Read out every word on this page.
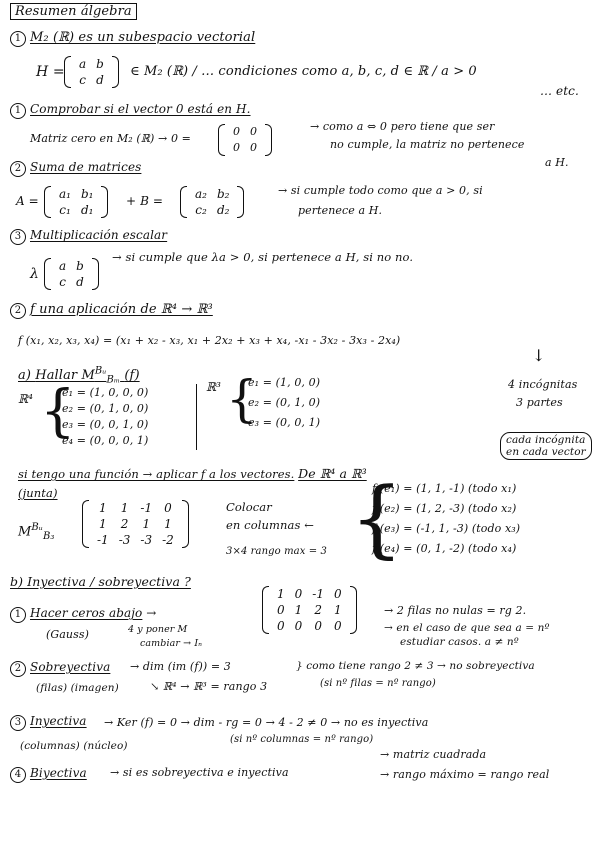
Resumen álgebra
1 M₂ (ℝ) es un subespacio vectorial
H = a	b
c	d
∈ M₂ (ℝ) / … condiciones como a, b, c, d ∈ ℝ / a > 0
… etc.
1 Comprobar si el vector 0 está en H.
Matriz cero en M₂ (ℝ) → 0 =
0	0
0	0
→ como a ⇔ 0 pero tiene que ser
no cumple, la matriz no pertenece
a H.
2 Suma de matrices
A = a₁	b₁
c₁	d₁
+ B =	a₂	b₂
c₂	d₂
→ si cumple todo como que a > 0, si
pertenece a H.
3 Multiplicación escalar
λ a	b
c	d
→ si cumple que λa > 0, si pertenece a H, si no no.
2 f una aplicación de ℝ⁴ → ℝ³
f (x₁, x₂, x₃, x₄) = (x₁ + x₂ - x₃, x₁ + 2x₂ + x₃ + x₄, -x₁ - 3x₂ - 3x₃ - 2x₄)
a) Hallar $M^{Bᵤ}_{B_m}$ (f)
ℝ⁴ {
e₁ = (1, 0, 0, 0)
e₂ = (0, 1, 0, 0)
e₃ = (0, 0, 1, 0)
e₄ = (0, 0, 0, 1)
ℝ³ {
e₁ = (1, 0, 0)
e₂ = (0, 1, 0)
e₃ = (0, 0, 1)
↓
4 incógnitas
3 partes
cada incógnita
en cada vector
si tengo una función → aplicar f a los vectores. De ℝ⁴ a ℝ³
(junta)
$M^{Bᵤ}_{B_3}$
1	1	-1	0
1	2	1	1
-1	-3	-3	-2
Colocar
en columnas ←
3×4 rango max = 3 {
f (e₁) = (1, 1, -1) (todo x₁)
f (e₂) = (1, 2, -3) (todo x₂)
f (e₃) = (-1, 1, -3) (todo x₃)
f (e₄) = (0, 1, -2) (todo x₄)
b) Inyectiva / sobreyectiva ?
1 Hacer ceros abajo →
(Gauss)	4 y poner M
cambiar → Iₙ
1	0	-1	0
0	1	2	1
0	0	0	0
→ 2 filas no nulas = rg 2.
→ en el caso de que sea a = nº
estudiar casos. a ≠ nº
2 Sobreyectiva
(filas) (imagen)
→ dim (im (f)) = 3
↘ ℝ⁴ → ℝ³ = rango 3
} como tiene rango 2 ≠ 3 → no sobreyectiva
(si nº filas = nº rango)
3 Inyectiva
(columnas) (núcleo)
→ Ker (f) = 0 → dim - rg = 0 → 4 - 2 ≠ 0 → no es inyectiva
(si nº columnas = nº rango)
4 Biyectiva → si es sobreyectiva e inyectiva
→ matriz cuadrada
→ rango máximo = rango real
